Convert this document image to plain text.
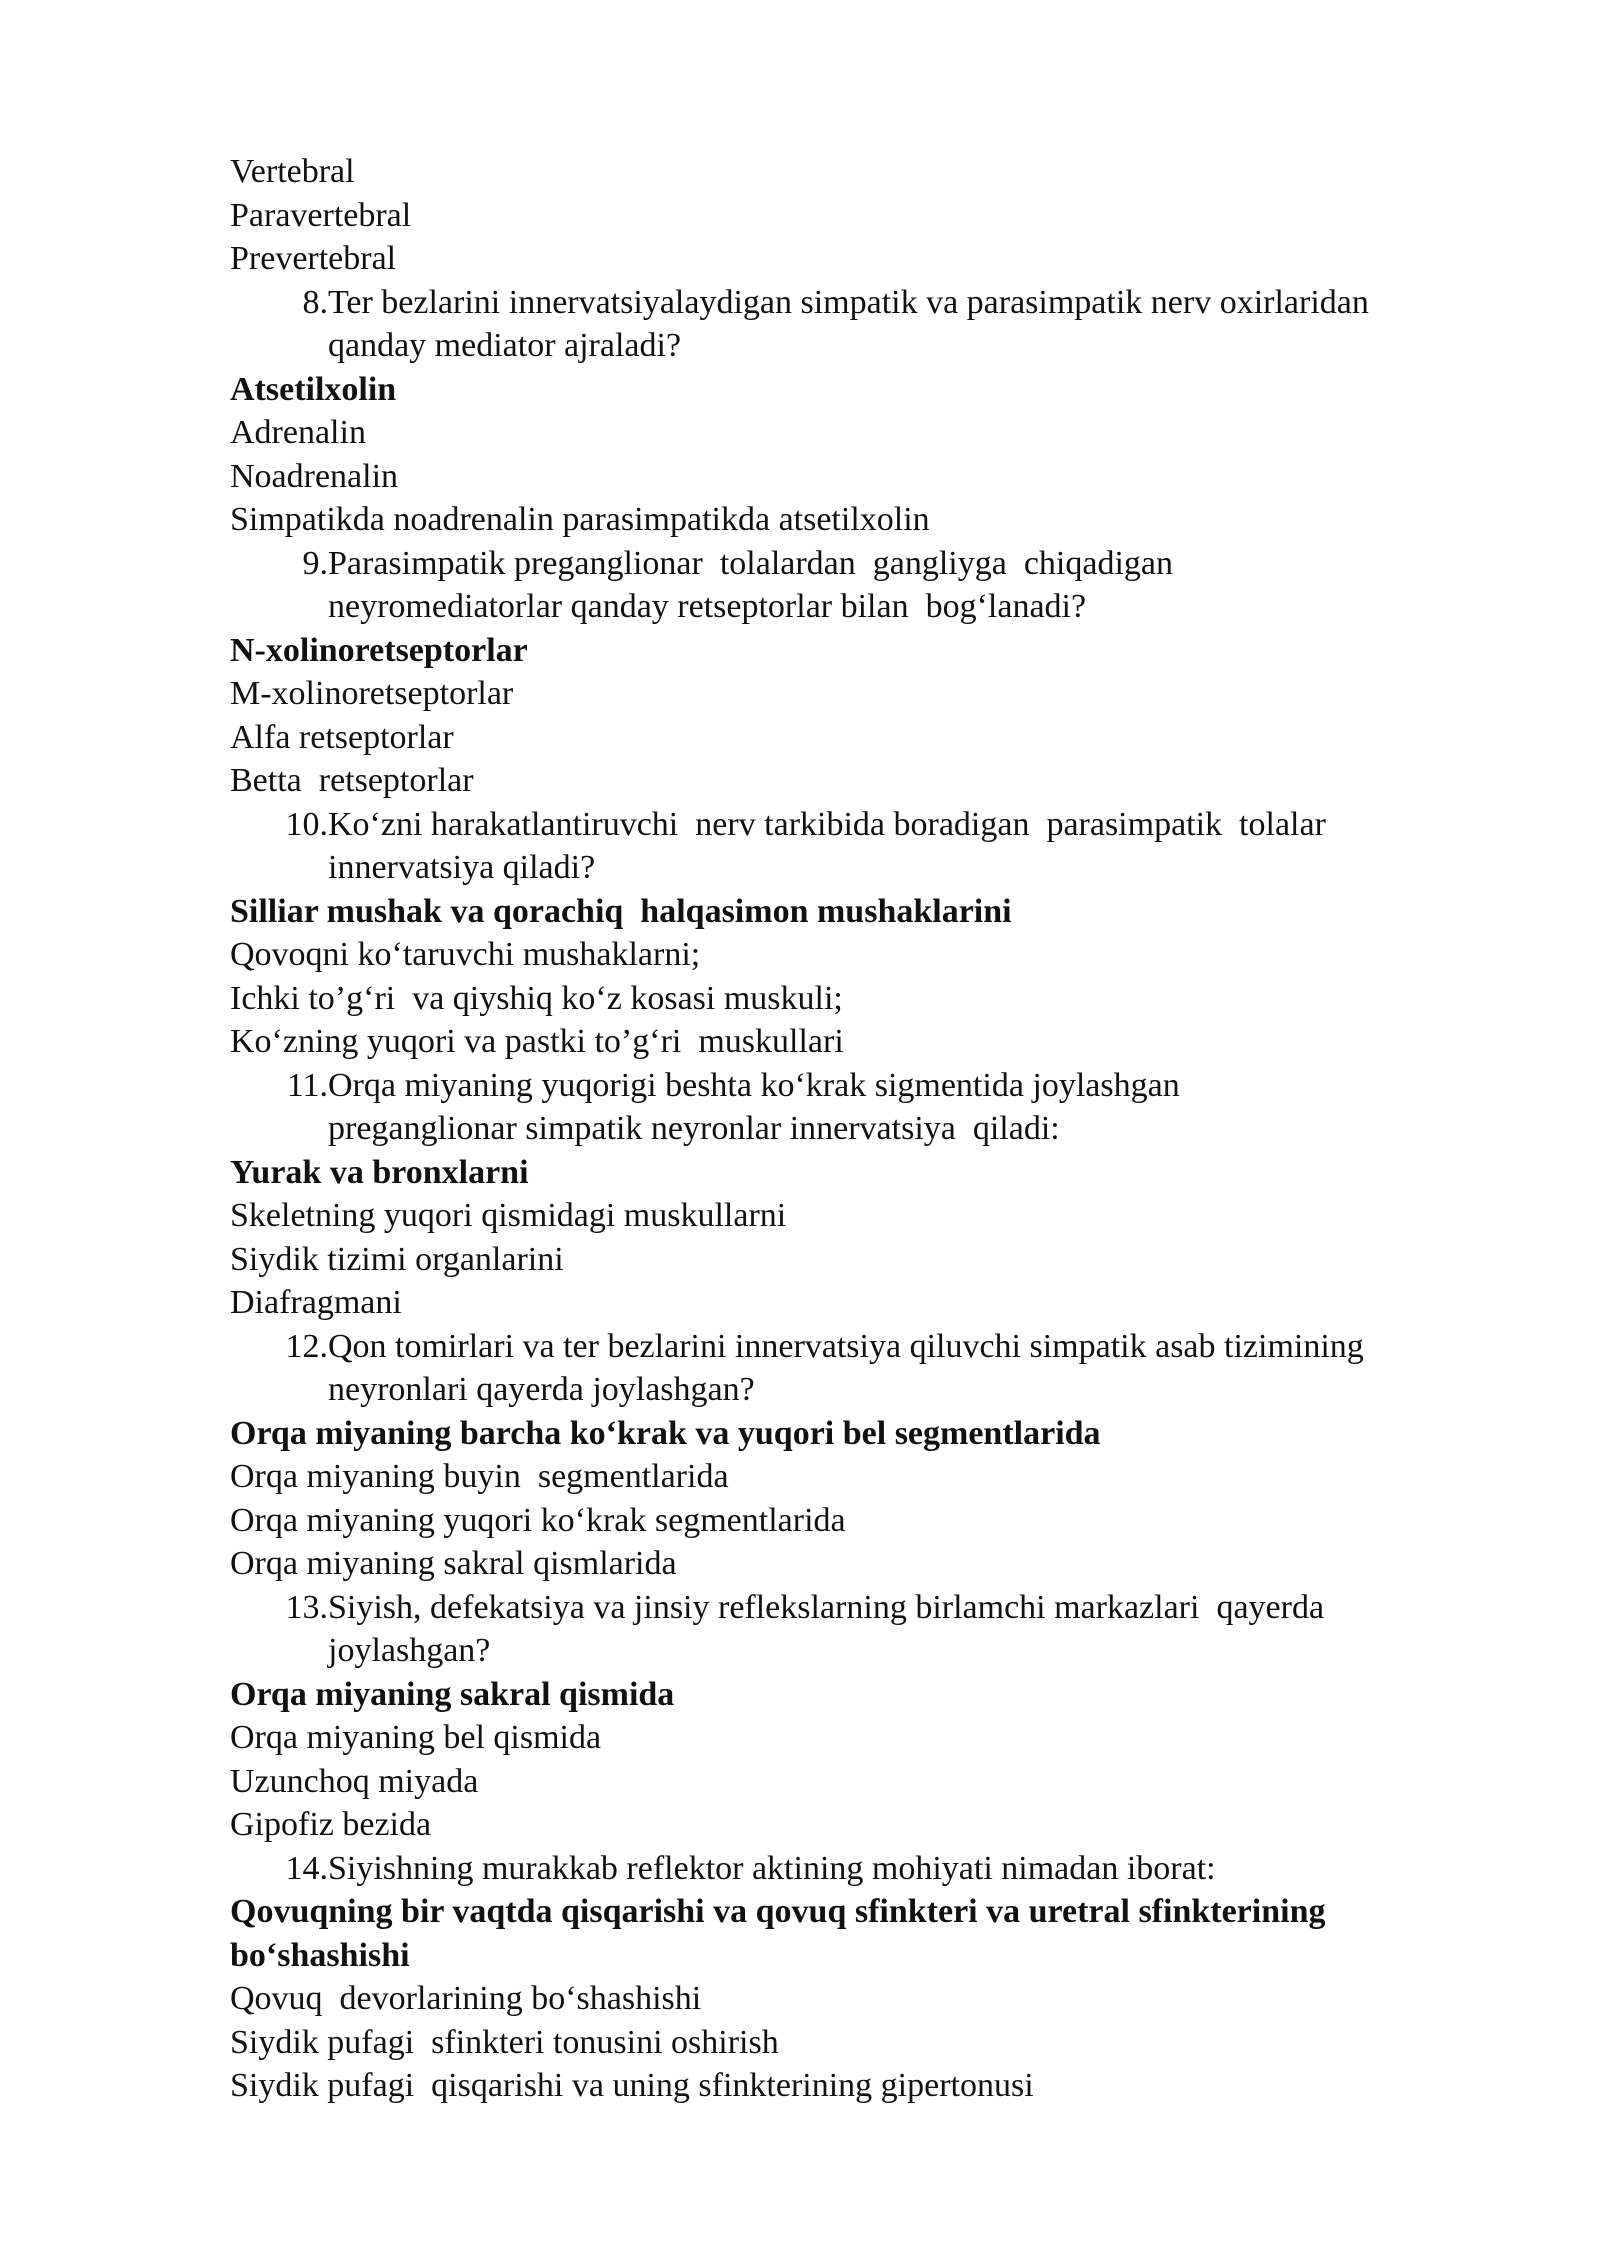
Vertebral
Paravertebral
Prevertebral
8. Ter bezlarini innervatsiyalaydigan simpatik va parasimpatik nerv oxirlaridan
qanday mediator ajraladi?
Atsetilxolin
Adrenalin
Noadrenalin
Simpatikda noadrenalin parasimpatikda atsetilxolin
9. Parasimpatik preganglionar  tolalardan  gangliyga  chiqadigan
neyromediatorlar qanday retseptorlar bilan  bog‘lanadi?
N-xolinoretseptorlar
M-xolinoretseptorlar
Alfa retseptorlar
Betta  retseptorlar
10. Ko‘zni harakatlantiruvchi  nerv tarkibida boradigan  parasimpatik  tolalar
innervatsiya qiladi?
Silliar mushak va qorachiq  halqasimon mushaklarini
Qovoqni ko‘taruvchi mushaklarni;
Ichki to’g‘ri  va qiyshiq ko‘z kosasi muskuli;
Ko‘zning yuqori va pastki to’g‘ri  muskullari
11. Orqa miyaning yuqorigi beshta ko‘krak sigmentida joylashgan
preganglionar simpatik neyronlar innervatsiya  qiladi:
Yurak va bronxlarni
Skeletning yuqori qismidagi muskullarni
Siydik tizimi organlarini
Diafragmani
12. Qon tomirlari va ter bezlarini innervatsiya qiluvchi simpatik asab tizimining
neyronlari qayerda joylashgan?
Orqa miyaning barcha ko‘krak va yuqori bel segmentlarida
Orqa miyaning buyin  segmentlarida
Orqa miyaning yuqori ko‘krak segmentlarida
Orqa miyaning sakral qismlarida
13. Siyish, defekatsiya va jinsiy reflekslarning birlamchi markazlari  qayerda
joylashgan?
Orqa miyaning sakral qismida
Orqa miyaning bel qismida
Uzunchoq miyada
Gipofiz bezida
14. Siyishning murakkab reflektor aktining mohiyati nimadan iborat:
Qovuqning bir vaqtda qisqarishi va qovuq sfinkteri va uretral sfinkterining
bo‘shashishi
Qovuq  devorlarining bo‘shashishi
Siydik pufagi  sfinkteri tonusini oshirish
Siydik pufagi  qisqarishi va uning sfinkterining gipertonusi
